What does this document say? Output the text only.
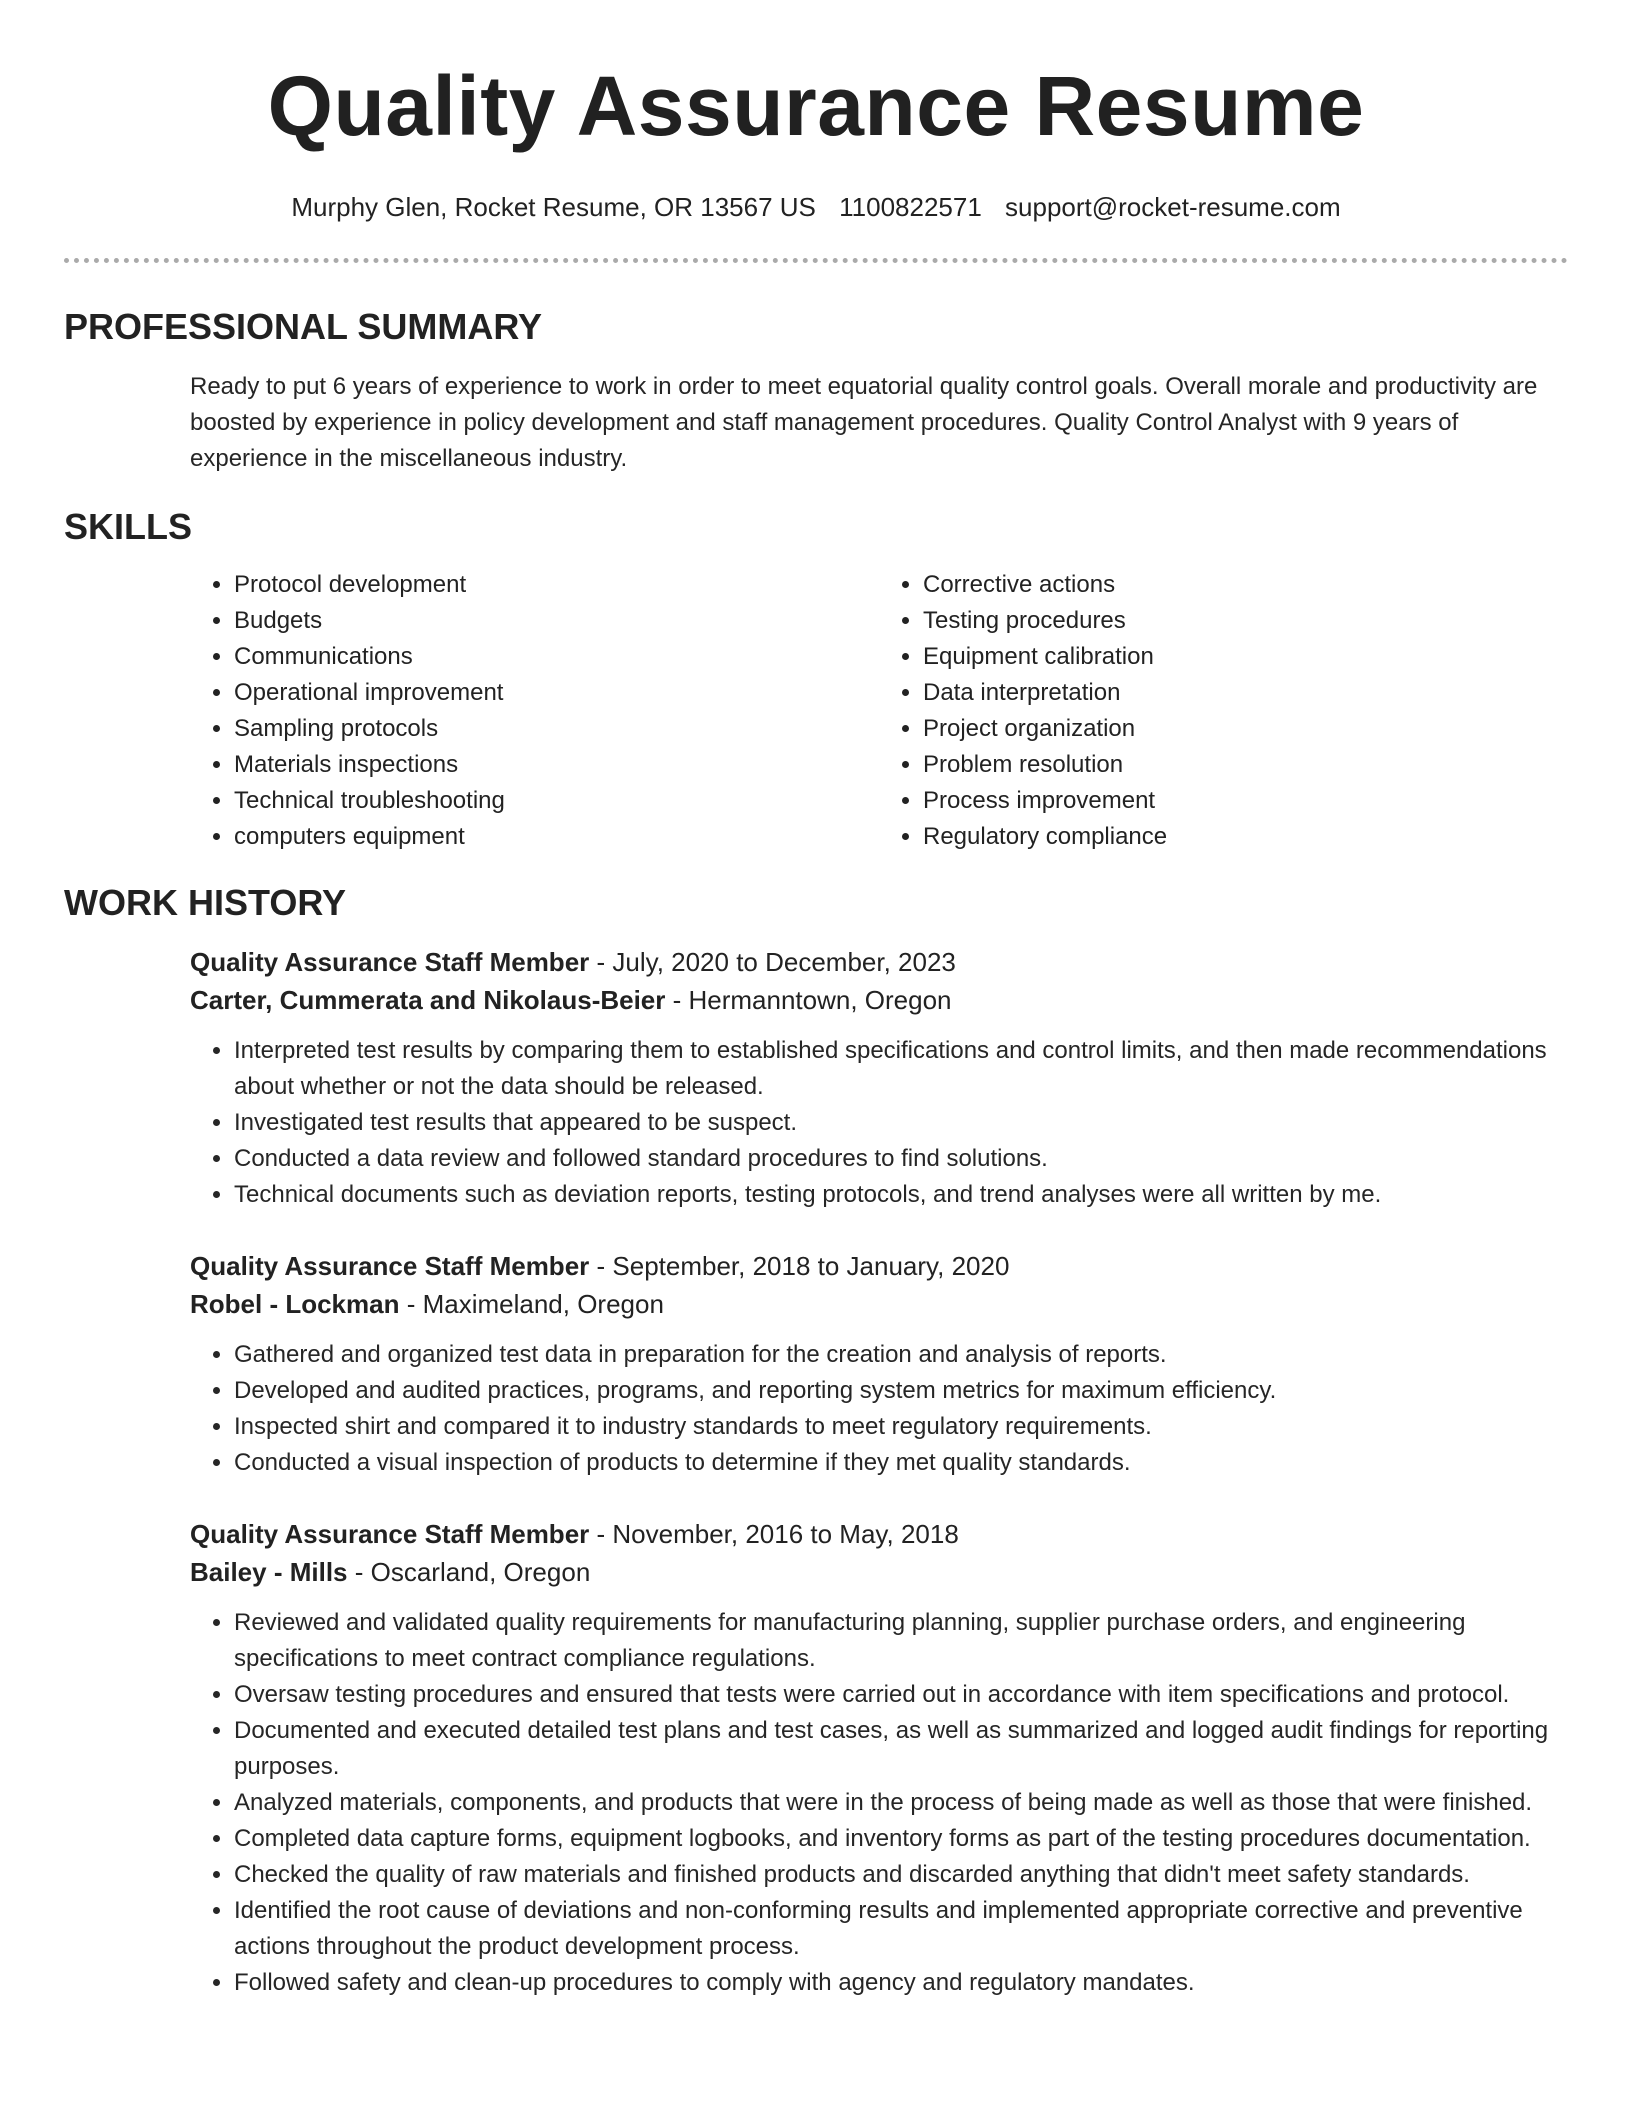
Quality Assurance Resume
Murphy Glen, Rocket Resume, OR 13567 US 1100822571 support@rocket-resume.com
PROFESSIONAL SUMMARY

Ready to put 6 years of experience to work in order to meet equatorial quality control goals. Overall morale and productivity are boosted by experience in policy development and staff management procedures. Quality Control Analyst with 9 years of experience in the miscellaneous industry.

SKILLS
• Protocol development
• Budgets
• Communications
• Operational improvement
• Sampling protocols
• Materials inspections
• Technical troubleshooting
• computers equipment
• Corrective actions
• Testing procedures
• Equipment calibration
• Data interpretation
• Project organization
• Problem resolution
• Process improvement
• Regulatory compliance
WORK HISTORY
Quality Assurance Staff Member - July, 2020 to December, 2023
Carter, Cummerata and Nikolaus-Beier - Hermanntown, Oregon
• Interpreted test results by comparing them to established specifications and control limits, and then made recommendations about whether or not the data should be released.
• Investigated test results that appeared to be suspect.
• Conducted a data review and followed standard procedures to find solutions.
• Technical documents such as deviation reports, testing protocols, and trend analyses were all written by me.
Quality Assurance Staff Member - September, 2018 to January, 2020
Robel - Lockman - Maximeland, Oregon
• Gathered and organized test data in preparation for the creation and analysis of reports.
• Developed and audited practices, programs, and reporting system metrics for maximum efficiency.
• Inspected shirt and compared it to industry standards to meet regulatory requirements.
• Conducted a visual inspection of products to determine if they met quality standards.
Quality Assurance Staff Member - November, 2016 to May, 2018
Bailey - Mills - Oscarland, Oregon
• Reviewed and validated quality requirements for manufacturing planning, supplier purchase orders, and engineering specifications to meet contract compliance regulations.
• Oversaw testing procedures and ensured that tests were carried out in accordance with item specifications and protocol.
• Documented and executed detailed test plans and test cases, as well as summarized and logged audit findings for reporting purposes.
• Analyzed materials, components, and products that were in the process of being made as well as those that were finished.
• Completed data capture forms, equipment logbooks, and inventory forms as part of the testing procedures documentation.
• Checked the quality of raw materials and finished products and discarded anything that didn't meet safety standards.
• Identified the root cause of deviations and non-conforming results and implemented appropriate corrective and preventive actions throughout the product development process.
• Followed safety and clean-up procedures to comply with agency and regulatory mandates.
